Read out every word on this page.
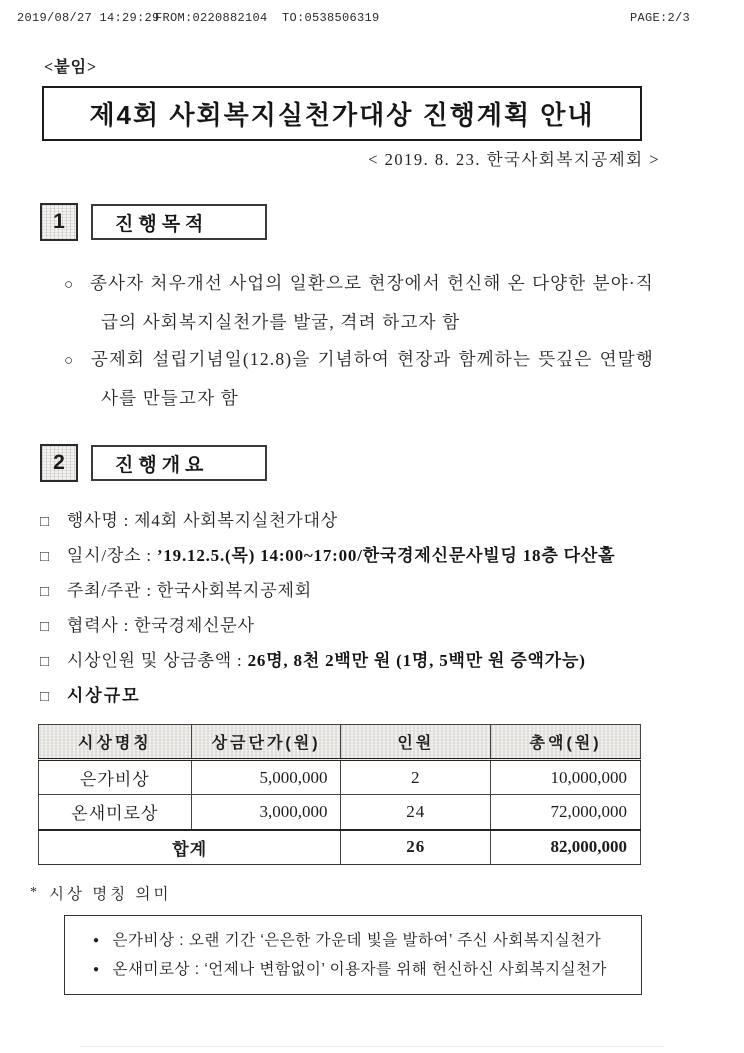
2019/08/27 14:29:29
FROM:0220882104 TO:0538506319	PAGE:2/3
<붙임>
제4회 사회복지실천가대상 진행계획 안내
< 2019. 8. 23. 한국사회복지공제회 >
1	진행목적
○ 종사자 처우개선 사업의 일환으로 현장에서 헌신해 온 다양한 분야·직급의 사회복지실천가를 발굴, 격려 하고자 함
○ 공제회 설립기념일(12.8)을 기념하여 현장과 함께하는 뜻깊은 연말행사를 만들고자 함
2	진행개요
□ 행사명 : 제4회 사회복지실천가대상
□ 일시/장소 : ’19.12.5.(목) 14:00~17:00/한국경제신문사빌딩 18층 다산홀
□ 주최/주관 : 한국사회복지공제회
□ 협력사 : 한국경제신문사
□ 시상인원 및 상금총액 : 26명, 8천 2백만 원 (1명, 5백만 원 증액가능)
□ 시상규모
시상명칭	상금단가(원)	인원	총액(원)
은가비상	5,000,000	2	10,000,000
온새미로상	3,000,000	24	72,000,000
합계		26	82,000,000
* 시상 명칭 의미
● 은가비상 : 오랜 기간 ‘은은한 가운데 빛을 발하여’ 주신 사회복지실천가
● 온새미로상 : ‘언제나 변함없이’ 이용자를 위해 헌신하신 사회복지실천가
